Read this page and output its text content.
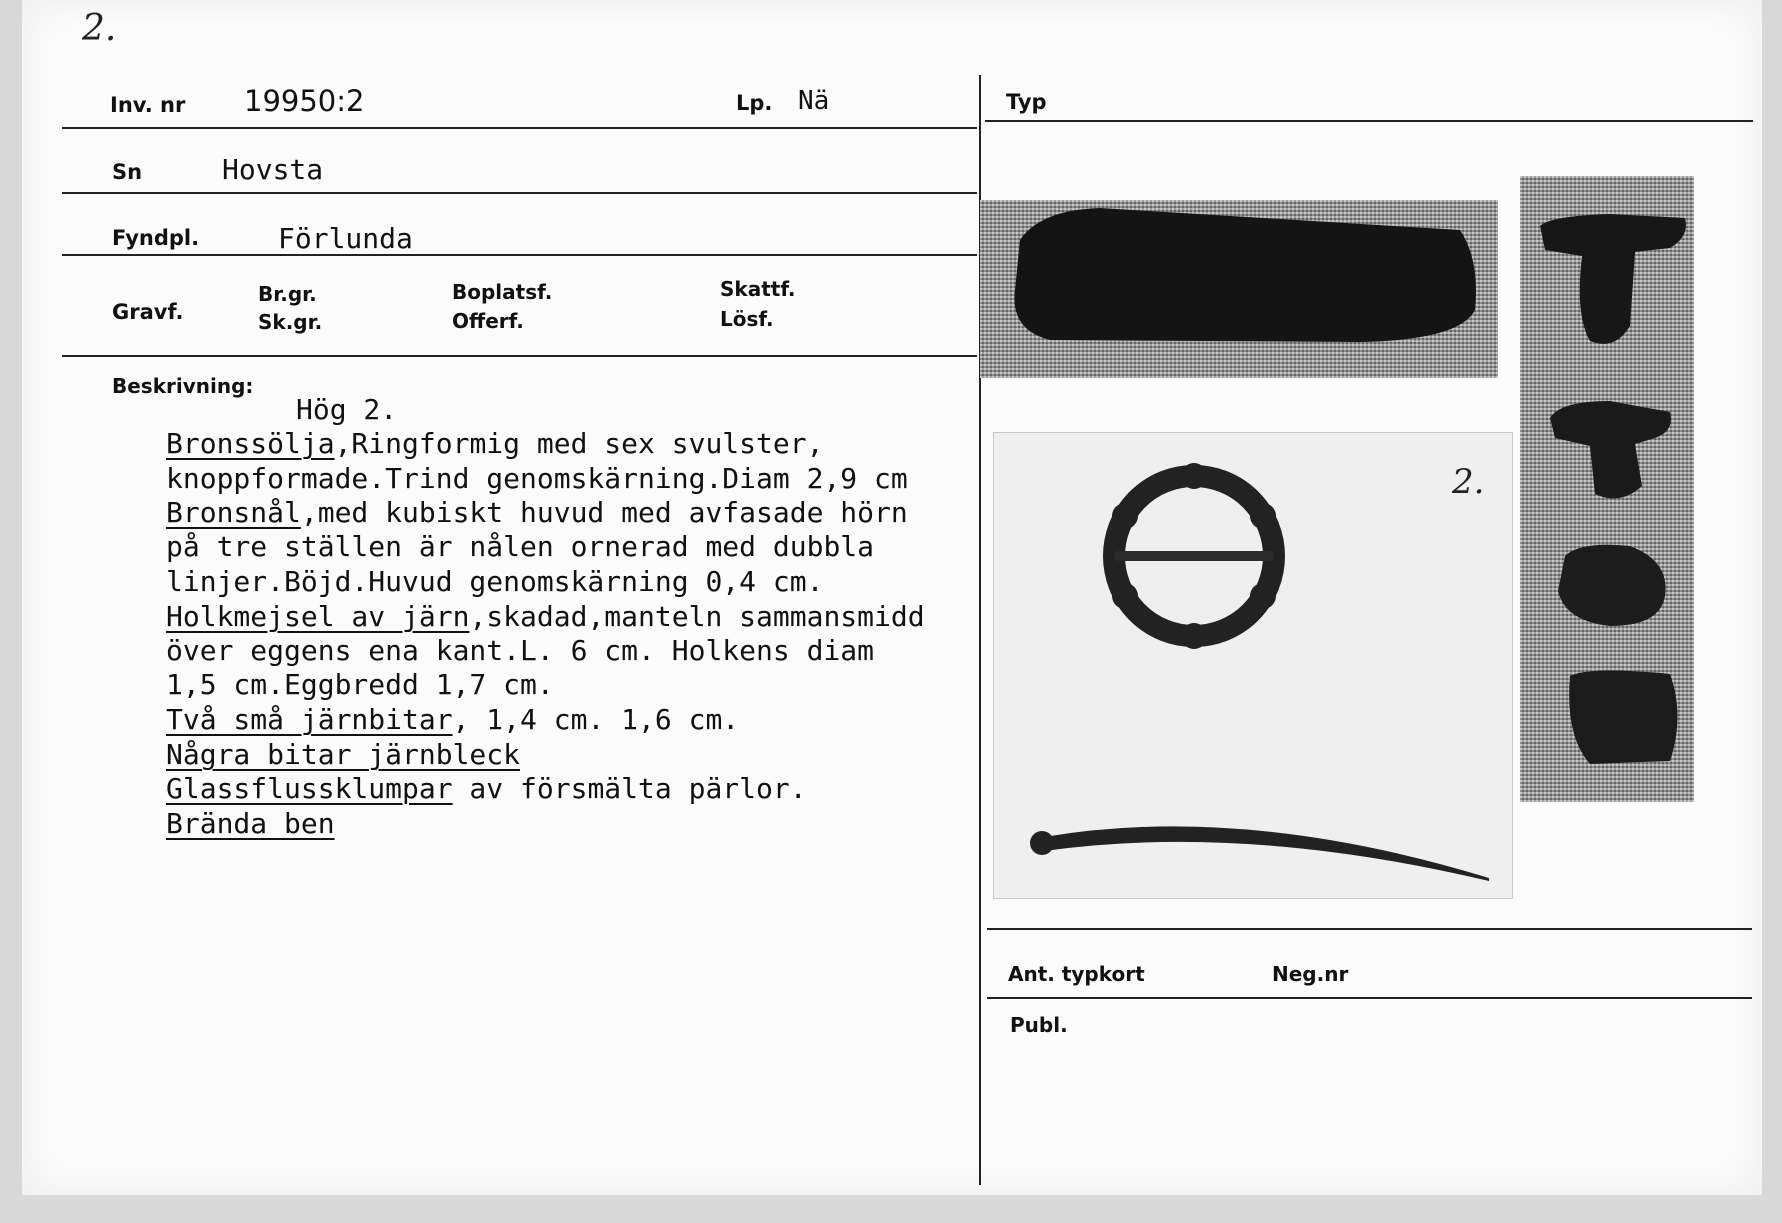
2.
Inv. nr 19950:2	Lp. Nä	Typ
Sn	Hovsta
Fyndpl.	Förlunda
Gravf.
Br.gr.
Sk.gr.
Boplatsf.
Offerf.
Skattf.
Lösf.
Beskrivning:
Hög 2.
Bronssölja,Ringformig med sex svulster,
knoppformade.Trind genomskärning.Diam 2,9 cm
Bronsnål,med kubiskt huvud med avfasade hörn
på tre ställen är nålen ornerad med dubbla
linjer.Böjd.Huvud genomskärning 0,4 cm.
Holkmejsel av järn,skadad,manteln sammansmidd
över eggens ena kant.L. 6 cm. Holkens diam
1,5 cm.Eggbredd 1,7 cm.
Två små järnbitar, 1,4 cm. 1,6 cm.
Några bitar järnbleck
Glassflussklumpar av försmälta pärlor.
Brända ben
2.
Ant. typkort	Neg.nr
Publ.
